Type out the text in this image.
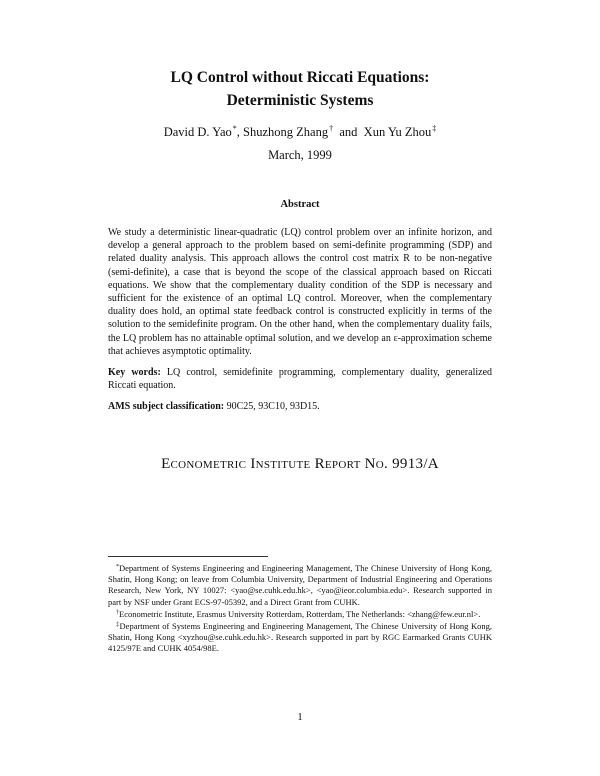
LQ Control without Riccati Equations:
Deterministic Systems
David D. Yao*, Shuzhong Zhang†  and  Xun Yu Zhou‡
March, 1999
Abstract

We study a deterministic linear-quadratic (LQ) control problem over an infinite horizon, and develop a general approach to the problem based on semi-definite programming (SDP) and related duality analysis. This approach allows the control cost matrix R to be non-negative (semi-definite), a case that is beyond the scope of the classical approach based on Riccati equations. We show that the complementary duality condition of the SDP is necessary and sufficient for the existence of an optimal LQ control. Moreover, when the complementary duality does hold, an optimal state feedback control is constructed explicitly in terms of the solution to the semidefinite program. On the other hand, when the complementary duality fails, the LQ problem has no attainable optimal solution, and we develop an ε-approximation scheme that achieves asymptotic optimality.

Key words: LQ control, semidefinite programming, complementary duality, generalized Riccati equation.

AMS subject classification: 90C25, 93C10, 93D15.

Econometric Institute Report No. 9913/A

*Department of Systems Engineering and Engineering Management, The Chinese University of Hong Kong, Shatin, Hong Kong; on leave from Columbia University, Department of Industrial Engineering and Operations Research, New York, NY 10027: <yao@se.cuhk.edu.hk>, <yao@ieor.columbia.edu>. Research supported in part by NSF under Grant ECS-97-05392, and a Direct Grant from CUHK.

†Econometric Institute, Erasmus University Rotterdam, Rotterdam, The Netherlands: <zhang@few.eur.nl>.

‡Department of Systems Engineering and Engineering Management, The Chinese University of Hong Kong, Shatin, Hong Kong <xyzhou@se.cuhk.edu.hk>. Research supported in part by RGC Earmarked Grants CUHK 4125/97E and CUHK 4054/98E.

1
